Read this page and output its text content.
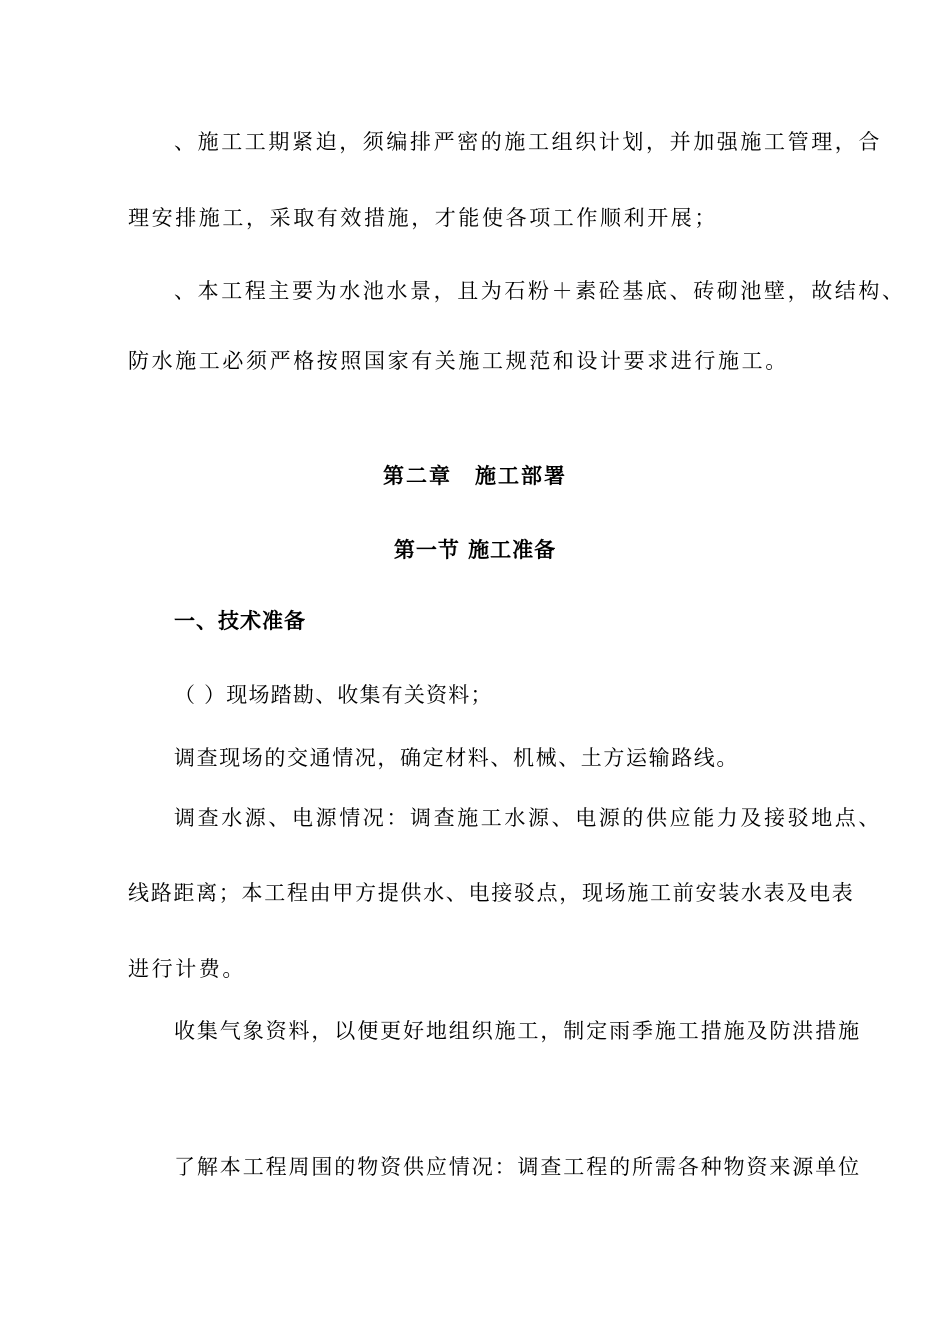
、施工工期紧迫，须编排严密的施工组织计划，并加强施工管理，合
理安排施工，采取有效措施，才能使各项工作顺利开展；
、本工程主要为水池水景，且为石粉＋素砼基底、砖砌池壁，故结构、
防水施工必须严格按照国家有关施工规范和设计要求进行施工。
第二章　施工部署
第一节 施工准备
一、技术准备
（ ）现场踏勘、收集有关资料；
调查现场的交通情况，确定材料、机械、土方运输路线。
调查水源、电源情况：调查施工水源、电源的供应能力及接驳地点、
线路距离；本工程由甲方提供水、电接驳点，现场施工前安装水表及电表
进行计费。
收集气象资料，以便更好地组织施工，制定雨季施工措施及防洪措施
了解本工程周围的物资供应情况：调查工程的所需各种物资来源单位
